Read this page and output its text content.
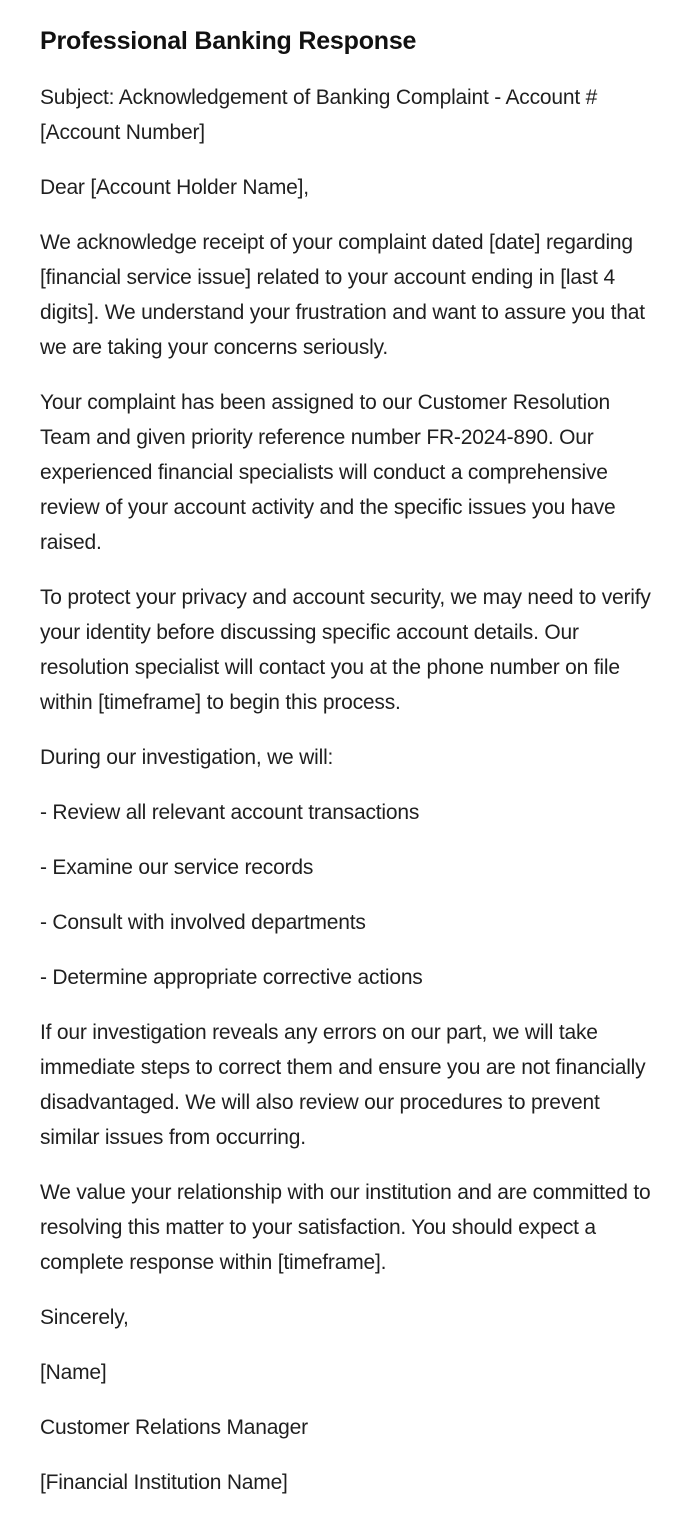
Professional Banking Response

Subject: Acknowledgement of Banking Complaint - Account #[Account Number]

Dear [Account Holder Name],

We acknowledge receipt of your complaint dated [date] regarding [financial service issue] related to your account ending in [last 4 digits]. We understand your frustration and want to assure you that we are taking your concerns seriously.

Your complaint has been assigned to our Customer Resolution Team and given priority reference number FR-2024-890. Our experienced financial specialists will conduct a comprehensive review of your account activity and the specific issues you have raised.

To protect your privacy and account security, we may need to verify your identity before discussing specific account details. Our resolution specialist will contact you at the phone number on file within [timeframe] to begin this process.

During our investigation, we will:

- Review all relevant account transactions

- Examine our service records

- Consult with involved departments

- Determine appropriate corrective actions

If our investigation reveals any errors on our part, we will take immediate steps to correct them and ensure you are not financially disadvantaged. We will also review our procedures to prevent similar issues from occurring.

We value your relationship with our institution and are committed to resolving this matter to your satisfaction. You should expect a complete response within [timeframe].

Sincerely,

[Name]

Customer Relations Manager

[Financial Institution Name]
